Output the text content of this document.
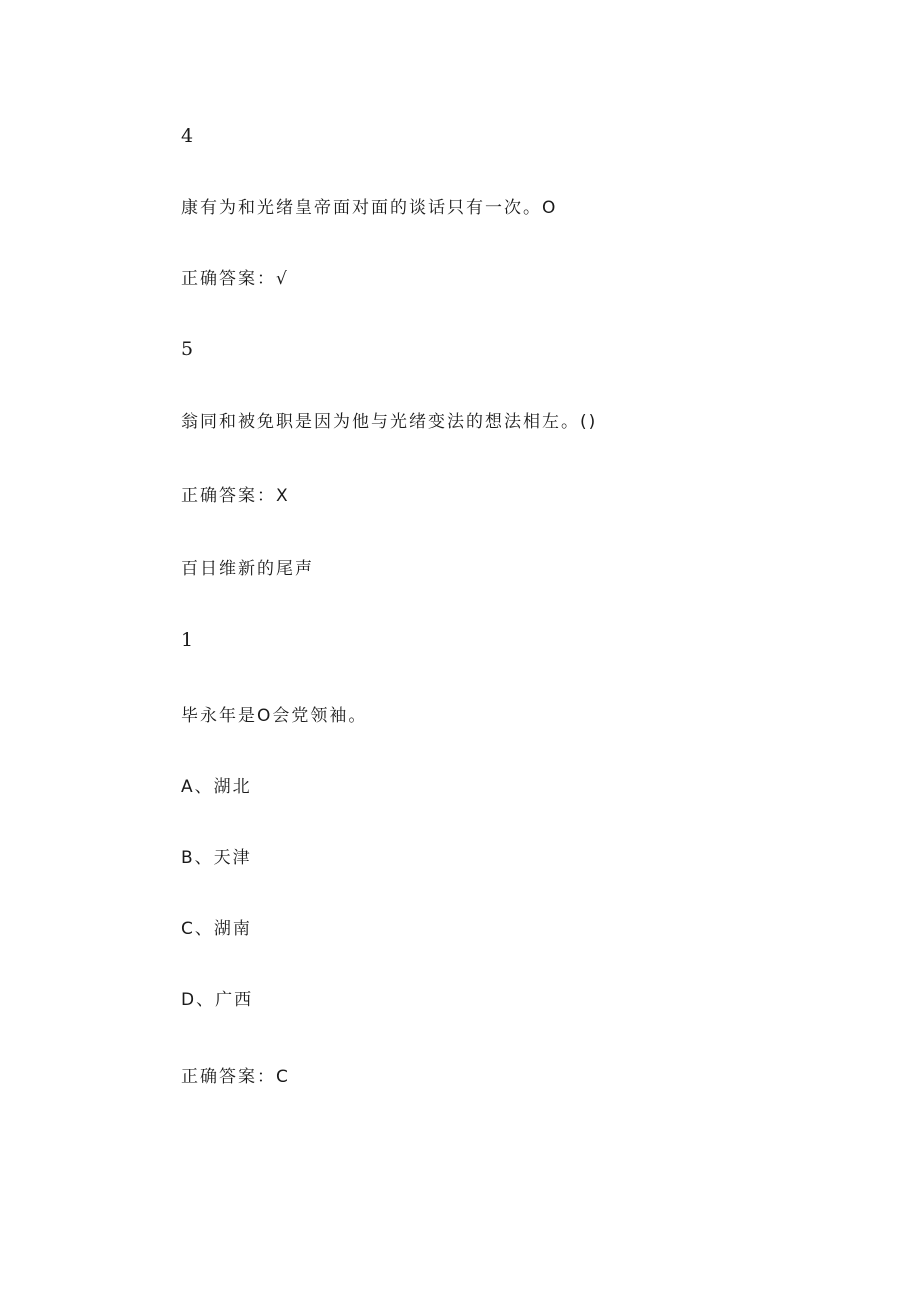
4
康有为和光绪皇帝面对面的谈话只有一次。O
正确答案：√
5
翁同和被免职是因为他与光绪变法的想法相左。()
正确答案：X
百日维新的尾声
1
毕永年是O会党领袖。
A、湖北
B、天津
C、湖南
D、广西
正确答案：C
